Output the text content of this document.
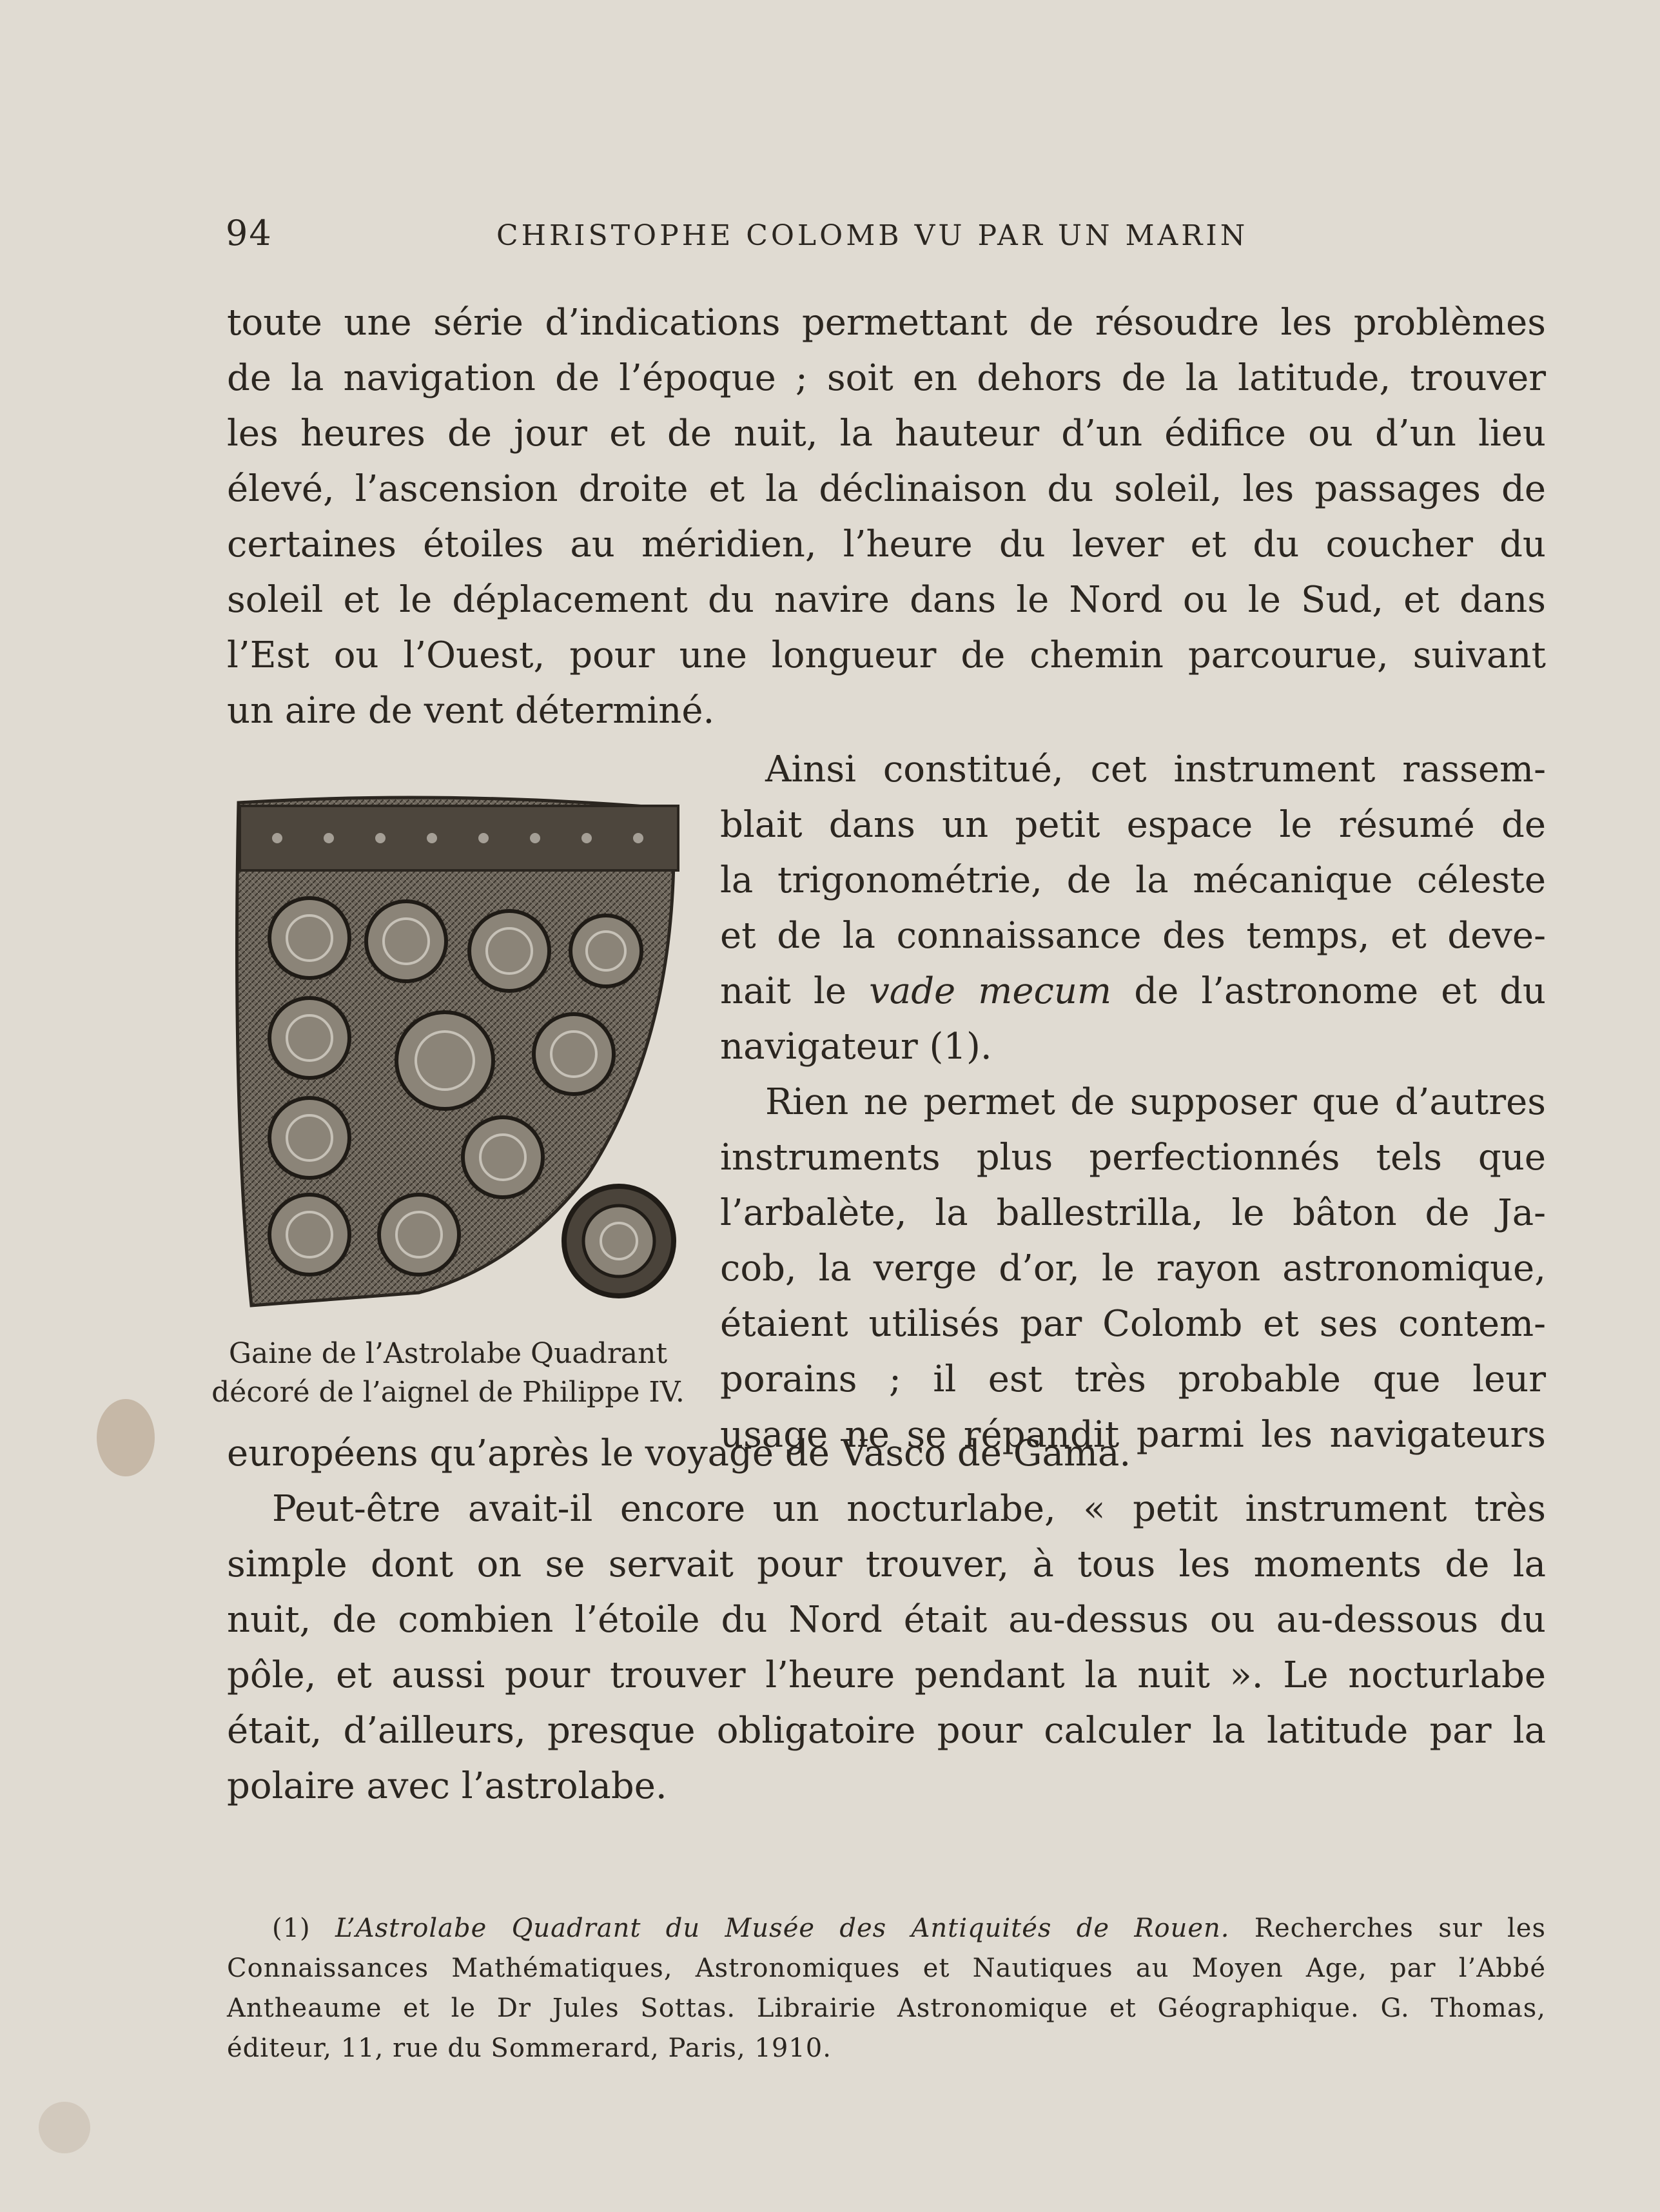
94	CHRISTOPHE COLOMB VU PAR UN MARIN
toute une série d’indications permettant de résoudre les problèmes
de la navigation de l’époque ; soit en dehors de la latitude, trouver
les heures de jour et de nuit, la hauteur d’un édifice ou d’un lieu
élevé, l’ascension droite et la déclinaison du soleil, les passages de
certaines étoiles au méridien, l’heure du lever et du coucher du
soleil et le déplacement du navire dans le Nord ou le Sud, et dans
l’Est ou l’Ouest, pour une longueur de chemin parcourue, suivant
un aire de vent déterminé.
Ainsi constitué, cet instrument rassem-
blait dans un petit espace le résumé de
la trigonométrie, de la mécanique céleste
et de la connaissance des temps, et deve-
nait le vade mecum de l’astronome et du
navigateur (1).
Rien ne permet de supposer que d’autres
instruments plus perfectionnés tels que
l’arbalète, la ballestrilla, le bâton de Ja-
cob, la verge d’or, le rayon astronomique,
étaient utilisés par Colomb et ses contem-
porains ; il est très probable que leur
usage ne se répandit parmi les navigateurs
européens qu’après le voyage de Vasco de Gama.
Peut-être avait-il encore un nocturlabe, « petit instrument très
simple dont on se servait pour trouver, à tous les moments de la
nuit, de combien l’étoile du Nord était au-dessus ou au-dessous du
pôle, et aussi pour trouver l’heure pendant la nuit ». Le nocturlabe
était, d’ailleurs, presque obligatoire pour calculer la latitude par la
polaire avec l’astrolabe.
Gaine de l’Astrolabe Quadrant
décoré de l’aignel de Philippe IV.
(1) L’Astrolabe Quadrant du Musée des Antiquités de Rouen. Recherches sur les
Connaissances Mathématiques, Astronomiques et Nautiques au Moyen Age, par l’Abbé
Antheaume et le Dr Jules Sottas. Librairie Astronomique et Géographique. G. Thomas,
éditeur, 11, rue du Sommerard, Paris, 1910.
